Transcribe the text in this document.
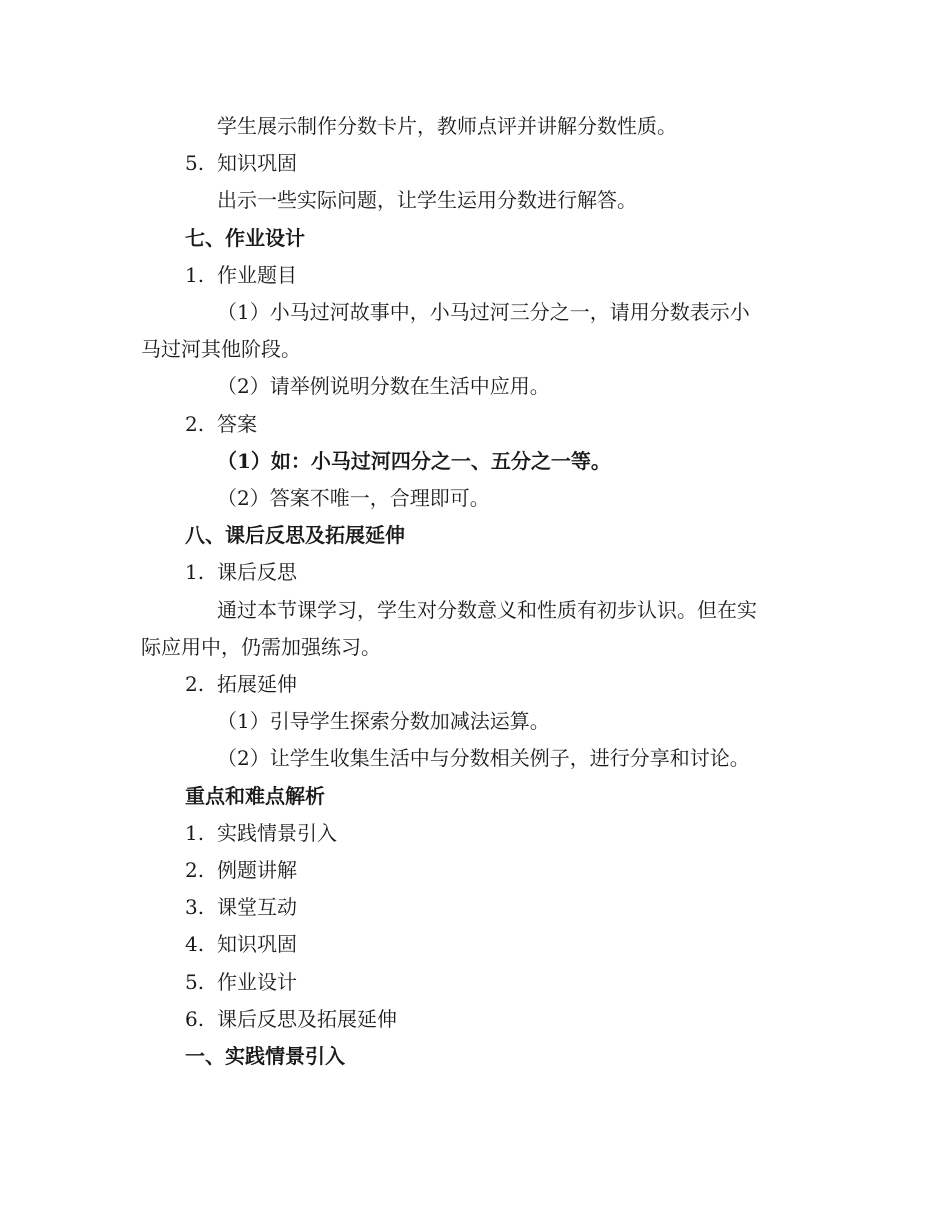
学生展示制作分数卡片，教师点评并讲解分数性质。
5. 知识巩固
出示一些实际问题，让学生运用分数进行解答。
七、作业设计
1. 作业题目
（1）小马过河故事中，小马过河三分之一，请用分数表示小
马过河其他阶段。
（2）请举例说明分数在生活中应用。
2. 答案
（1）如：小马过河四分之一、五分之一等。
（2）答案不唯一，合理即可。
八、课后反思及拓展延伸
1. 课后反思
通过本节课学习，学生对分数意义和性质有初步认识。但在实
际应用中，仍需加强练习。
2. 拓展延伸
（1）引导学生探索分数加减法运算。
（2）让学生收集生活中与分数相关例子，进行分享和讨论。
重点和难点解析
1. 实践情景引入
2. 例题讲解
3. 课堂互动
4. 知识巩固
5. 作业设计
6. 课后反思及拓展延伸
一、实践情景引入
